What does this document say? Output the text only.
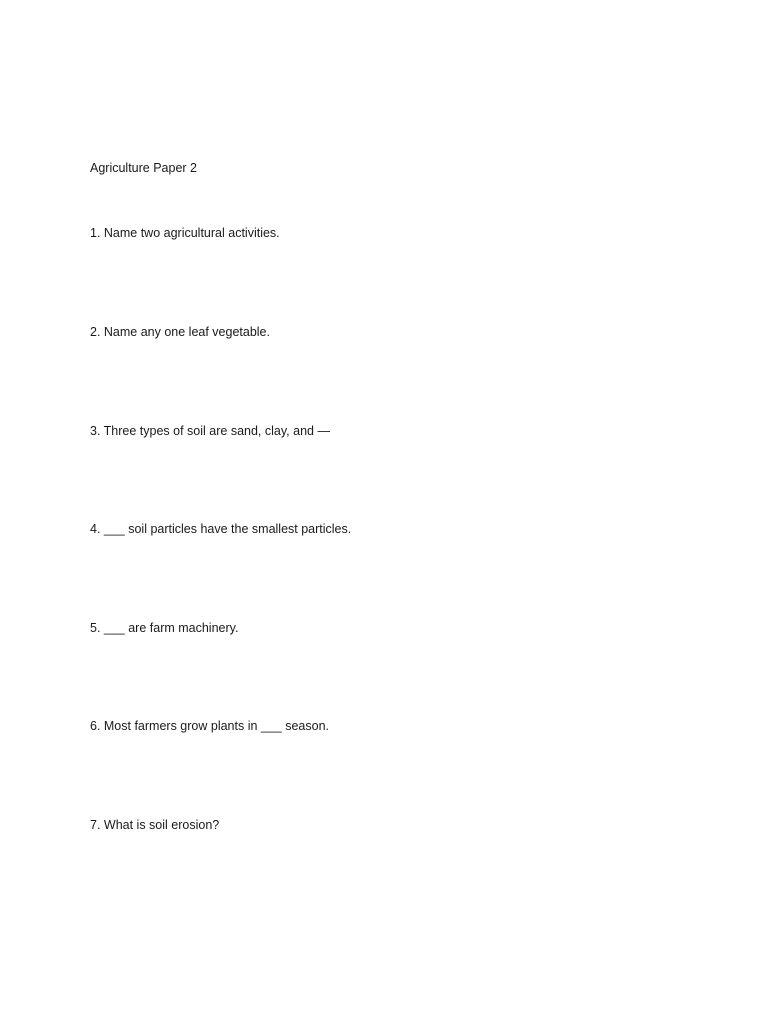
Agriculture Paper 2
1. Name two agricultural activities.
2. Name any one leaf vegetable.
3. Three types of soil are sand, clay, and —
4. ___ soil particles have the smallest particles.
5. ___ are farm machinery.
6. Most farmers grow plants in ___ season.
7. What is soil erosion?
